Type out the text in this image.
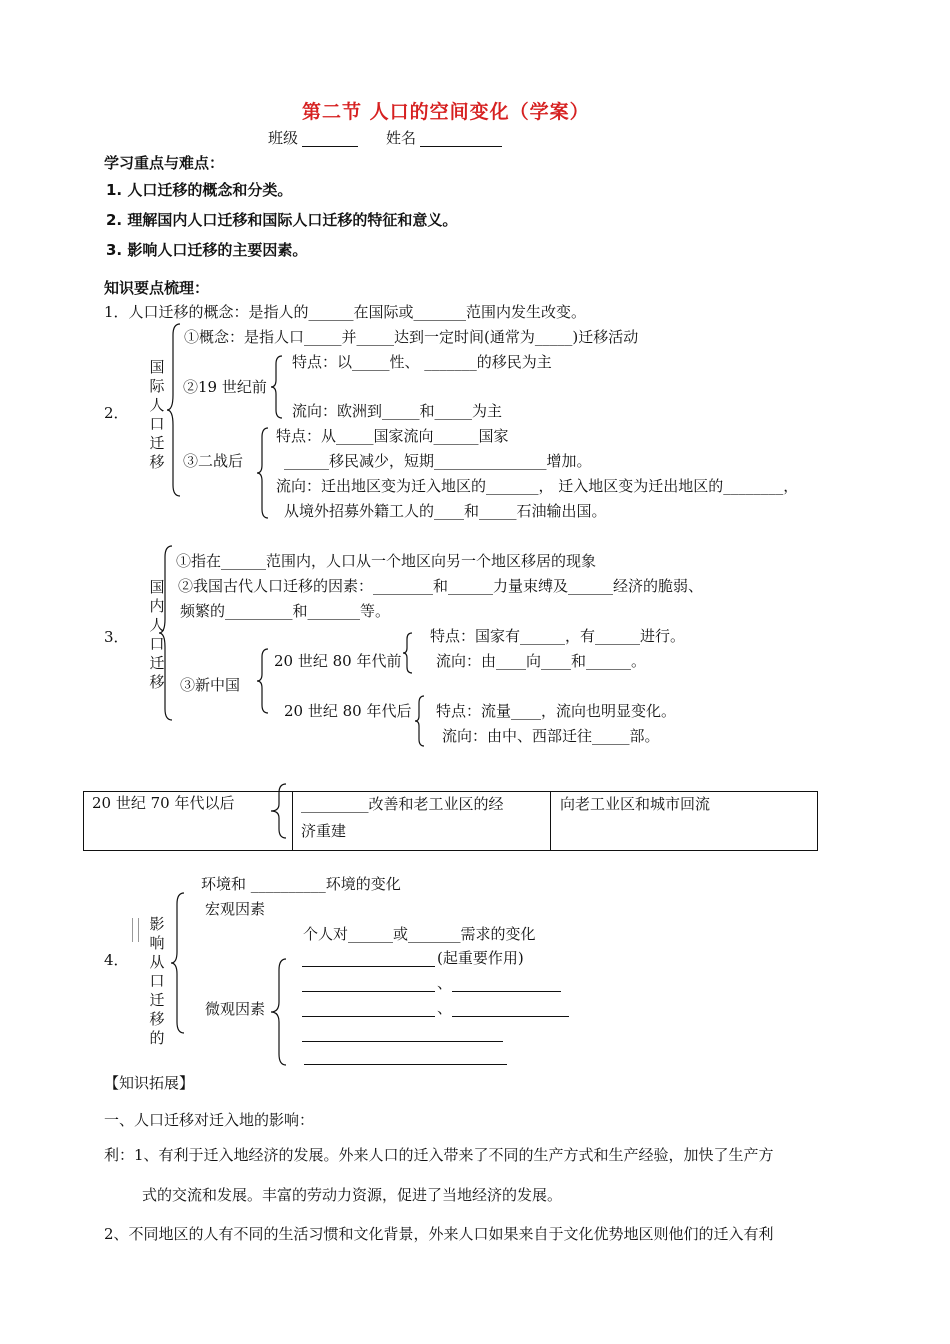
第二节 人口的空间变化（学案）
班级	姓名
学习重点与难点：
1. 人口迁移的概念和分类。
2. 理解国内人口迁移和国际人口迁移的特征和意义。
3. 影响人口迁移的主要因素。
知识要点梳理：
1．人口迁移的概念：是指人的______在国际或_______范围内发生改变。
2．
国际人口迁移
①概念：是指人口_____并_____达到一定时间(通常为_____)迁移活动
②19 世纪前
特点：以_____性、 _______的移民为主
流向：欧洲到_____和_____为主
③二战后
特点：从_____国家流向______国家
______移民减少，短期_______________增加。
流向：迁出地区变为迁入地区的_______， 迁入地区变为迁出地区的________，
从境外招募外籍工人的____和_____石油输出国。
3．
国内人口迁移
①指在______范围内，人口从一个地区向另一个地区移居的现象
②我国古代人口迁移的因素：________和______力量束缚及______经济的脆弱、
频繁的_________和_______等。
③新中国
20 世纪 80 年代前
特点：国家有______，有______进行。
流向：由____向____和______。
20 世纪 80 年代后 特点：流量____，流向也明显变化。
流向：由中、西部迁往_____部。
20 世纪 70 年代以后	_________改善和老工业区的经
济重建
向老工业区和城市回流
4．
影响从口迁移的
环境和 __________环境的变化
宏观因素
个人对______或_______需求的变化
微观因素
(起重要作用)
、
、
【知识拓展】
一、人口迁移对迁入地的影响：
利：1、有利于迁入地经济的发展。外来人口的迁入带来了不同的生产方式和生产经验，加快了生产方
式的交流和发展。丰富的劳动力资源，促进了当地经济的发展。
2、不同地区的人有不同的生活习惯和文化背景，外来人口如果来自于文化优势地区则他们的迁入有利
